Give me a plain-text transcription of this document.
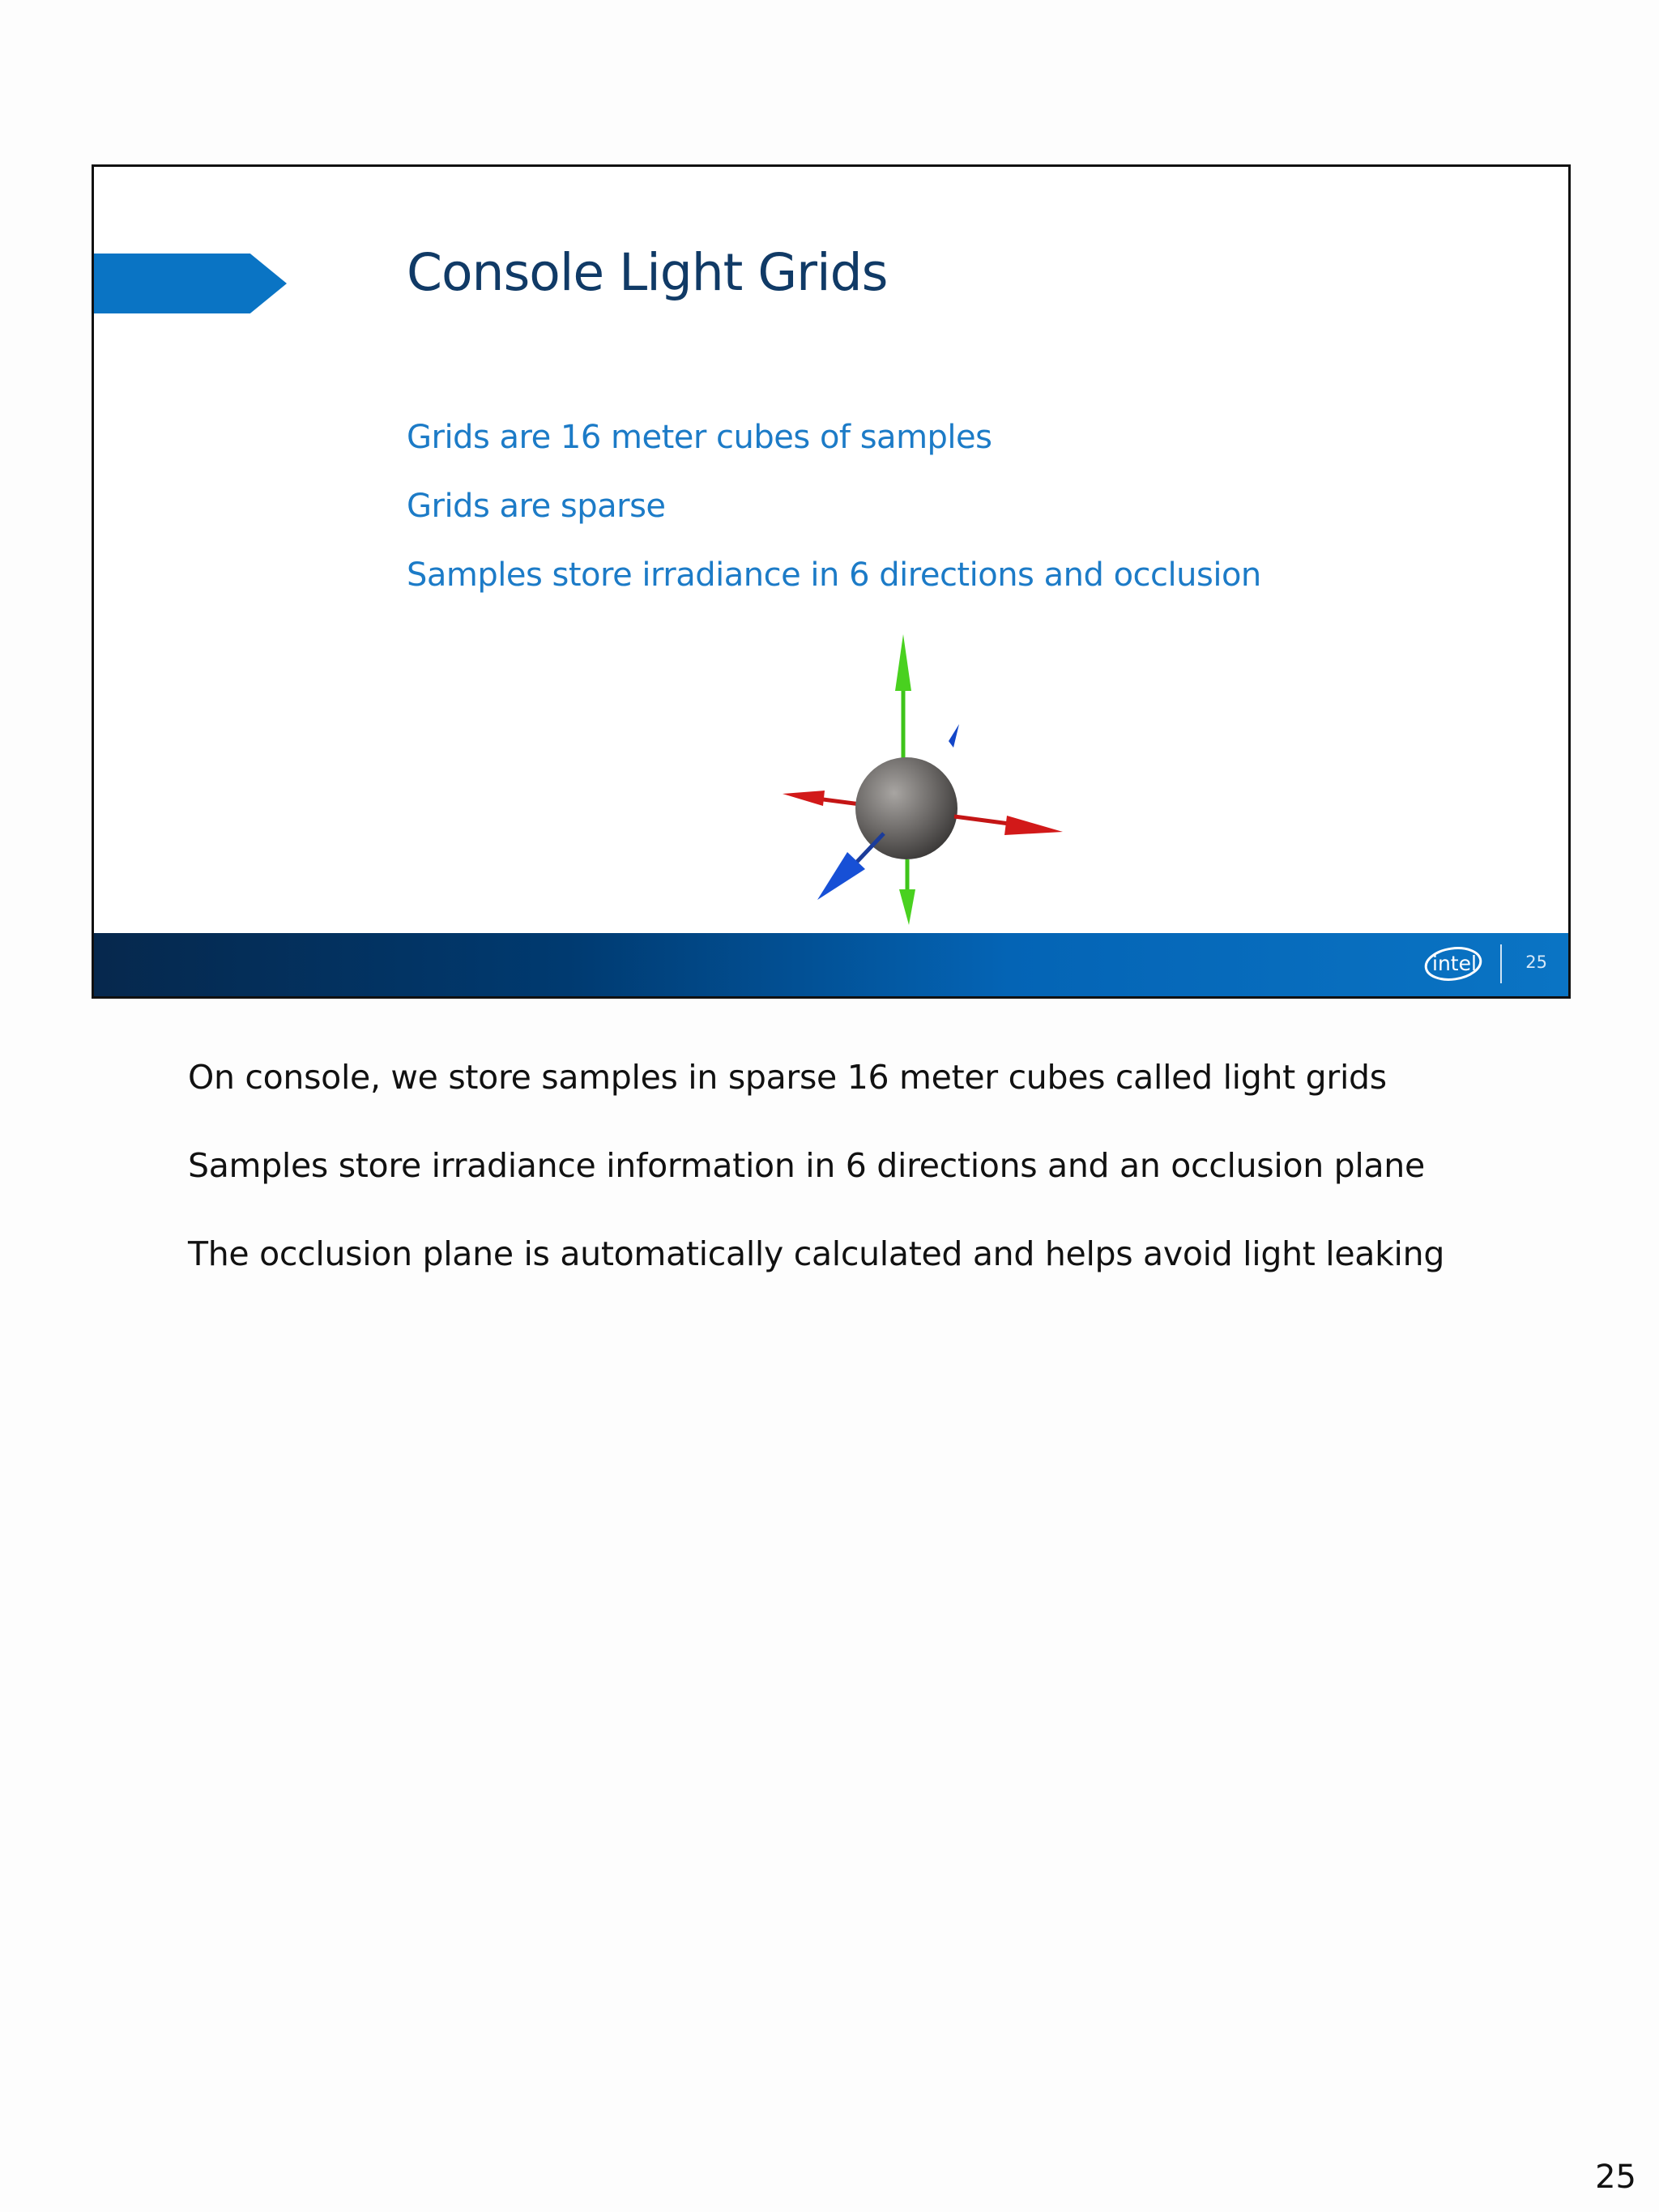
Console Light Grids
Grids are 16 meter cubes of samples
Grids are sparse
Samples store irradiance in 6 directions and occlusion
intel	25
On console, we store samples in sparse 16 meter cubes called light grids
Samples store irradiance information in 6 directions and an occlusion plane
The occlusion plane is automatically calculated and helps avoid light leaking
25
